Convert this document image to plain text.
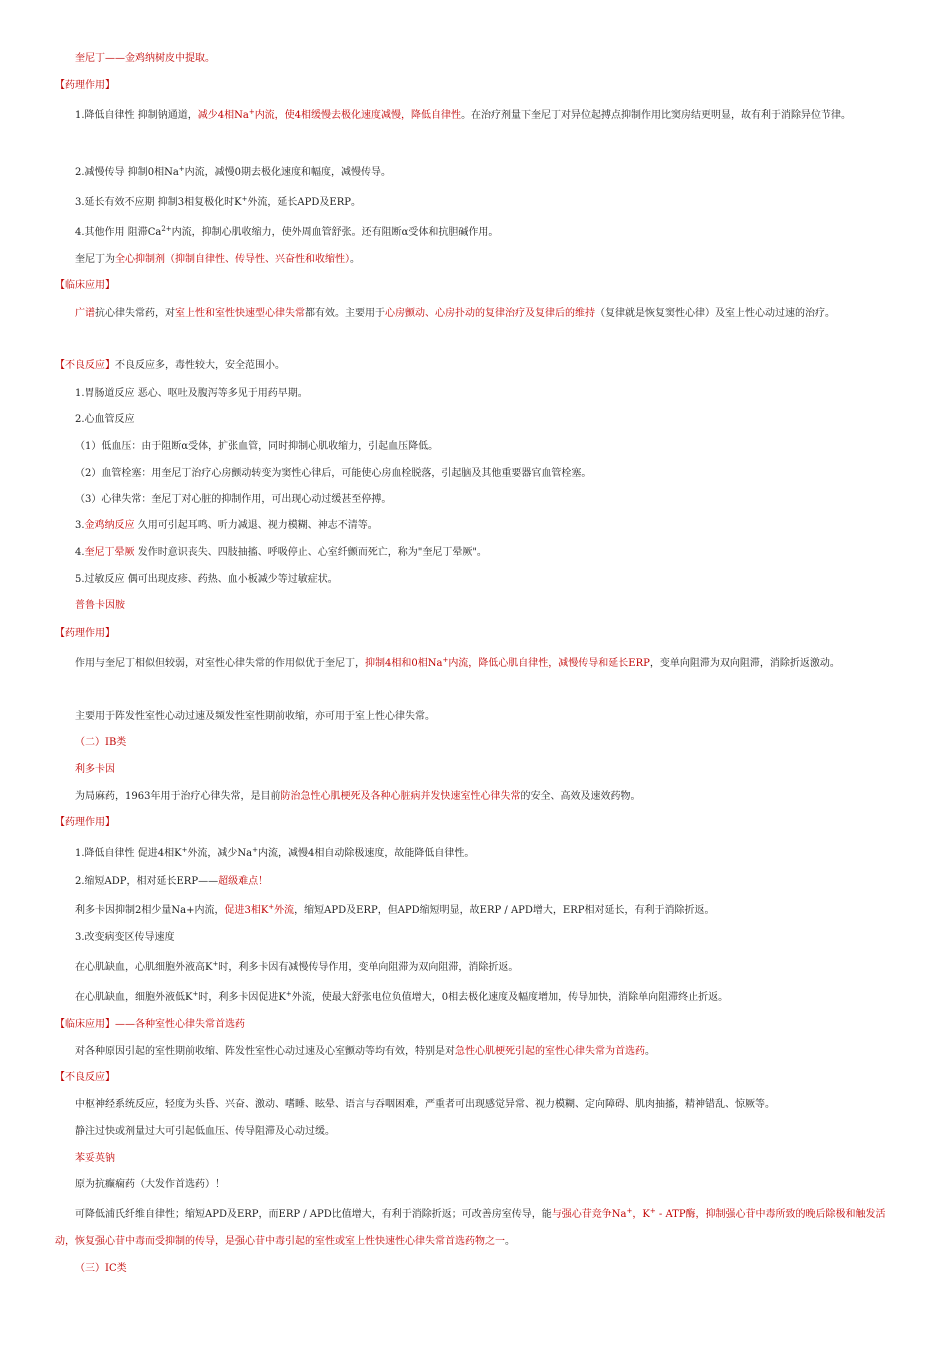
奎尼丁——金鸡纳树皮中提取。
【药理作用】
1.降低自律性 抑制钠通道，减少4相Na+内流，使4相缓慢去极化速度减慢，降低自律性。在治疗剂量下奎尼丁对异位起搏点抑制作用比窦房结更明显，故有利于消除异位节律。
2.减慢传导 抑制0相Na+内流，减慢0期去极化速度和幅度，减慢传导。
3.延长有效不应期 抑制3相复极化时K+外流，延长APD及ERP。
4.其他作用 阻滞$Ca^{2+}$内流，抑制心肌收缩力，使外周血管舒张。还有阻断α受体和抗胆碱作用。
奎尼丁为全心抑制剂（抑制自律性、传导性、兴奋性和收缩性）。
【临床应用】
广谱抗心律失常药，对室上性和室性快速型心律失常都有效。主要用于心房颤动、心房扑动的复律治疗及复律后的维持（复律就是恢复窦性心律）及室上性心动过速的治疗。
【不良反应】不良反应多，毒性较大，安全范围小。
1.胃肠道反应 恶心、呕吐及腹泻等多见于用药早期。
2.心血管反应
（1）低血压：由于阻断α受体，扩张血管，同时抑制心肌收缩力，引起血压降低。
（2）血管栓塞：用奎尼丁治疗心房颤动转变为窦性心律后，可能使心房血栓脱落，引起脑及其他重要器官血管栓塞。
（3）心律失常：奎尼丁对心脏的抑制作用，可出现心动过缓甚至停搏。
3.金鸡纳反应 久用可引起耳鸣、听力减退、视力模糊、神志不清等。
4.奎尼丁晕厥 发作时意识丧失、四肢抽搐、呼吸停止、心室纤颤而死亡，称为"奎尼丁晕厥"。
5.过敏反应 偶可出现皮疹、药热、血小板减少等过敏症状。
普鲁卡因胺
【药理作用】
作用与奎尼丁相似但较弱，对室性心律失常的作用似优于奎尼丁，抑制4相和0相Na+内流，降低心肌自律性，减慢传导和延长ERP，变单向阻滞为双向阻滞，消除折返激动。
主要用于阵发性室性心动过速及频发性室性期前收缩，亦可用于室上性心律失常。
（二）ⅠB类
利多卡因
为局麻药，1963年用于治疗心律失常，是目前防治急性心肌梗死及各种心脏病并发快速室性心律失常的安全、高效及速效药物。
【药理作用】
1.降低自律性 促进4相K+外流，减少Na+内流，减慢4相自动除极速度，故能降低自律性。
2.缩短ADP，相对延长ERP——超级难点！
利多卡因抑制2相少量Na+内流，促进3相K+外流，缩短APD及ERP，但APD缩短明显，故ERP / APD增大，ERP相对延长，有利于消除折返。
3.改变病变区传导速度
在心肌缺血，心肌细胞外液高K+时，利多卡因有减慢传导作用，变单向阻滞为双向阻滞，消除折返。
在心肌缺血，细胞外液低K+时，利多卡因促进K+外流，使最大舒张电位负值增大，0相去极化速度及幅度增加，传导加快，消除单向阻滞终止折返。
【临床应用】——各种室性心律失常首选药
对各种原因引起的室性期前收缩、阵发性室性心动过速及心室颤动等均有效，特别是对急性心肌梗死引起的室性心律失常为首选药。
【不良反应】
中枢神经系统反应，轻度为头昏、兴奋、激动、嗜睡、眩晕、语言与吞咽困难，严重者可出现感觉异常、视力模糊、定向障碍、肌肉抽搐，精神错乱、惊厥等。
静注过快或剂量过大可引起低血压、传导阻滞及心动过缓。
苯妥英钠
原为抗癫痫药（大发作首选药）！
可降低浦氏纤维自律性；缩短APD及ERP，而ERP / APD比值增大，有利于消除折返；可改善房室传导，能与强心苷竞争Na+，K+ - ATP酶，抑制强心苷中毒所致的晚后除极和触发活动，恢复强心苷中毒而受抑制的传导，是强心苷中毒引起的室性或室上性快速性心律失常首选药物之一。
（三）ⅠC类
